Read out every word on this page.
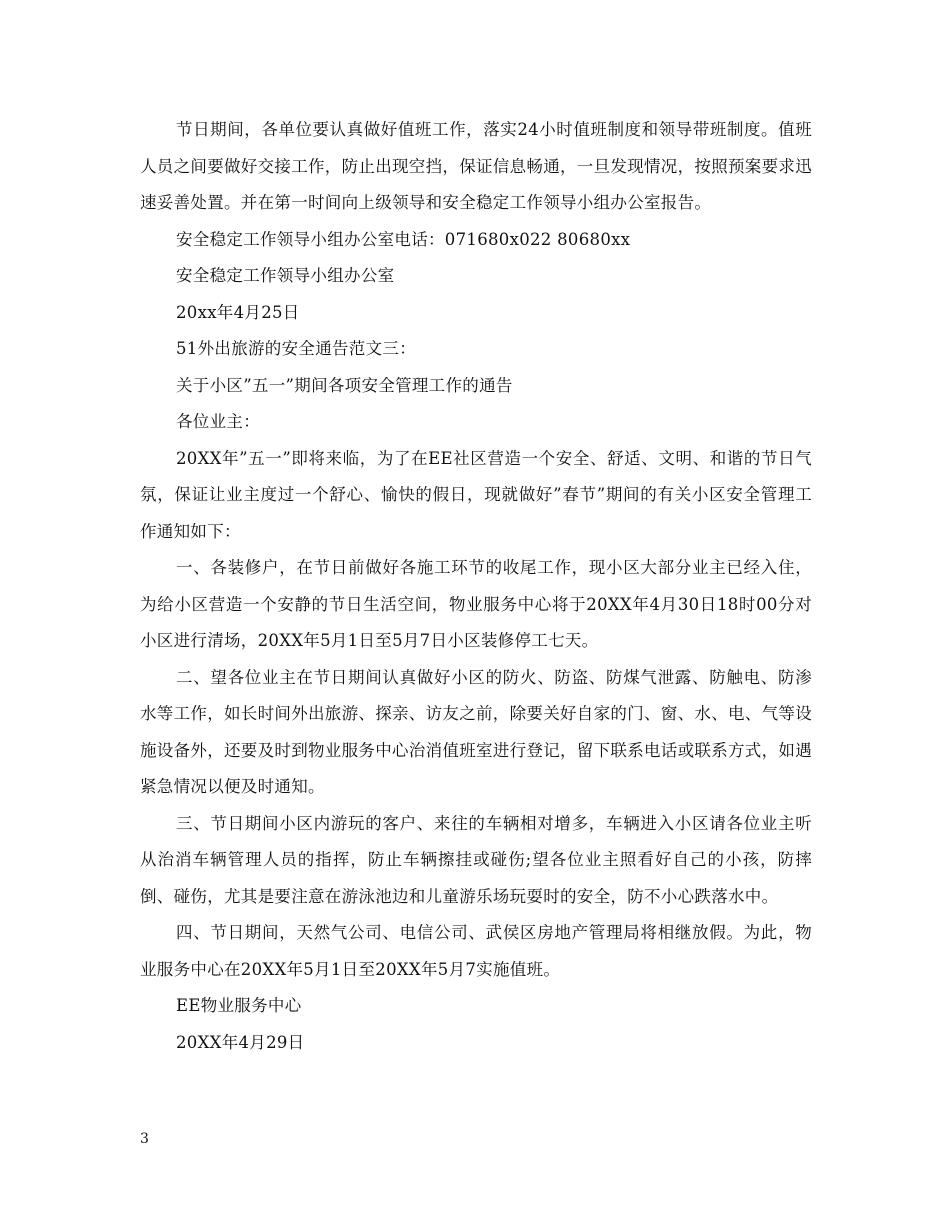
节日期间，各单位要认真做好值班工作，落实24小时值班制度和领导带班制度。值班人员之间要做好交接工作，防止出现空挡，保证信息畅通，一旦发现情况，按照预案要求迅速妥善处置。并在第一时间向上级领导和安全稳定工作领导小组办公室报告。

安全稳定工作领导小组办公室电话：071680x022 80680xx

安全稳定工作领导小组办公室

20xx年4月25日

51外出旅游的安全通告范文三：

关于小区”五一”期间各项安全管理工作的通告

各位业主：

20XX年”五一”即将来临，为了在EE社区营造一个安全、舒适、文明、和谐的节日气氛，保证让业主度过一个舒心、愉快的假日，现就做好”春节”期间的有关小区安全管理工作通知如下：

一、各装修户，在节日前做好各施工环节的收尾工作，现小区大部分业主已经入住，为给小区营造一个安静的节日生活空间，物业服务中心将于20XX年4月30日18时00分对小区进行清场，20XX年5月1日至5月7日小区装修停工七天。

二、望各位业主在节日期间认真做好小区的防火、防盗、防煤气泄露、防触电、防渗水等工作，如长时间外出旅游、探亲、访友之前，除要关好自家的门、窗、水、电、气等设施设备外，还要及时到物业服务中心治消值班室进行登记，留下联系电话或联系方式，如遇紧急情况以便及时通知。

三、节日期间小区内游玩的客户、来往的车辆相对增多，车辆进入小区请各位业主听从治消车辆管理人员的指挥，防止车辆擦挂或碰伤;望各位业主照看好自己的小孩，防摔倒、碰伤，尤其是要注意在游泳池边和儿童游乐场玩耍时的安全，防不小心跌落水中。

四、节日期间，天然气公司、电信公司、武侯区房地产管理局将相继放假。为此，物业服务中心在20XX年5月1日至20XX年5月7实施值班。

EE物业服务中心

20XX年4月29日

3
